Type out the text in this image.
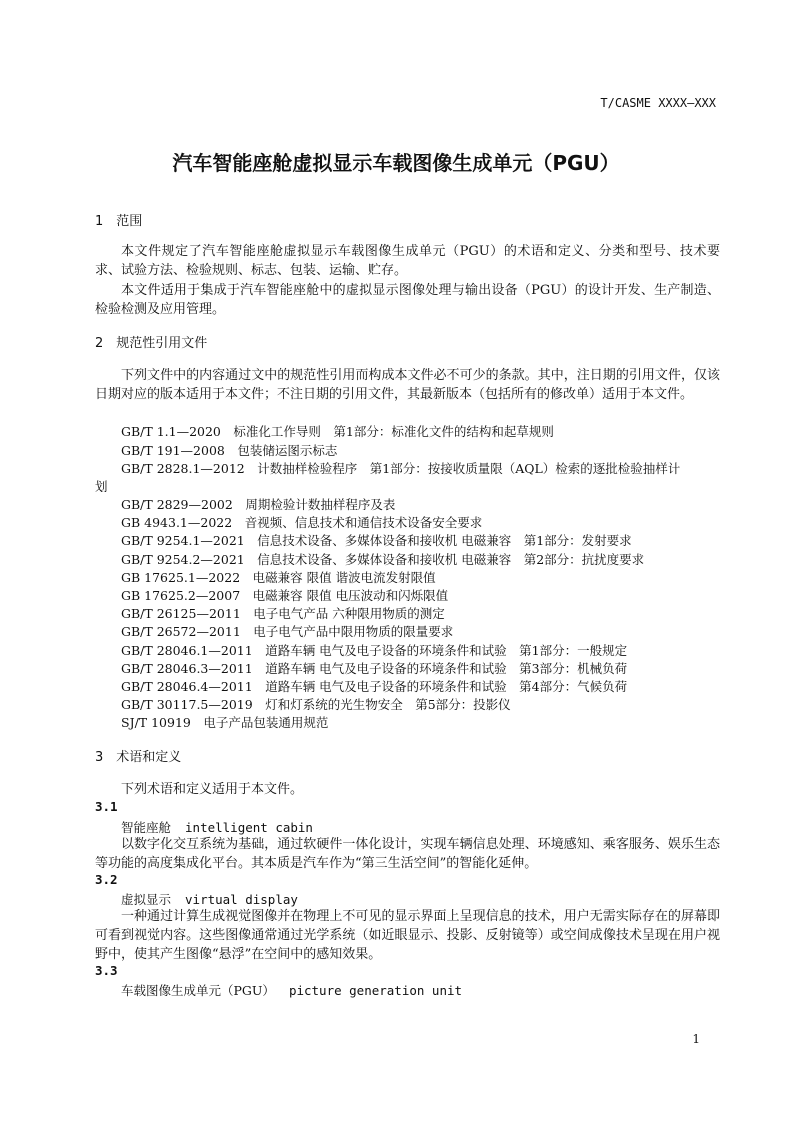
T/CASME XXXX—XXX
汽车智能座舱虚拟显示车载图像生成单元（PGU）
1　范围
本文件规定了汽车智能座舱虚拟显示车载图像生成单元（PGU）的术语和定义、分类和型号、技术要求、试验方法、检验规则、标志、包装、运输、贮存。
本文件适用于集成于汽车智能座舱中的虚拟显示图像处理与输出设备（PGU）的设计开发、生产制造、检验检测及应用管理。
2　规范性引用文件
下列文件中的内容通过文中的规范性引用而构成本文件必不可少的条款。其中，注日期的引用文件，仅该日期对应的版本适用于本文件；不注日期的引用文件，其最新版本（包括所有的修改单）适用于本文件。
GB/T 1.1—2020　标准化工作导则　第1部分：标准化文件的结构和起草规则
GB/T 191—2008　包装储运图示标志
GB/T 2828.1—2012　计数抽样检验程序　第1部分：按接收质量限（AQL）检索的逐批检验抽样计
划
GB/T 2829—2002　周期检验计数抽样程序及表
GB 4943.1—2022　音视频、信息技术和通信技术设备安全要求
GB/T 9254.1—2021　信息技术设备、多媒体设备和接收机 电磁兼容　第1部分：发射要求
GB/T 9254.2—2021　信息技术设备、多媒体设备和接收机 电磁兼容　第2部分：抗扰度要求
GB 17625.1—2022　电磁兼容 限值 谐波电流发射限值
GB 17625.2—2007　电磁兼容 限值 电压波动和闪烁限值
GB/T 26125—2011　电子电气产品 六种限用物质的测定
GB/T 26572—2011　电子电气产品中限用物质的限量要求
GB/T 28046.1—2011　道路车辆 电气及电子设备的环境条件和试验　第1部分：一般规定
GB/T 28046.3—2011　道路车辆 电气及电子设备的环境条件和试验　第3部分：机械负荷
GB/T 28046.4—2011　道路车辆 电气及电子设备的环境条件和试验　第4部分：气候负荷
GB/T 30117.5—2019　灯和灯系统的光生物安全　第5部分：投影仪
SJ/T 10919　电子产品包装通用规范
3　术语和定义
下列术语和定义适用于本文件。
3.1
智能座舱 intelligent cabin
以数字化交互系统为基础，通过软硬件一体化设计，实现车辆信息处理、环境感知、乘客服务、娱乐生态等功能的高度集成化平台。其本质是汽车作为“第三生活空间”的智能化延伸。
3.2
虚拟显示 virtual display
一种通过计算生成视觉图像并在物理上不可见的显示界面上呈现信息的技术，用户无需实际存在的屏幕即可看到视觉内容。这些图像通常通过光学系统（如近眼显示、投影、反射镜等）或空间成像技术呈现在用户视野中，使其产生图像“悬浮”在空间中的感知效果。
3.3
车载图像生成单元（PGU） picture generation unit
1
